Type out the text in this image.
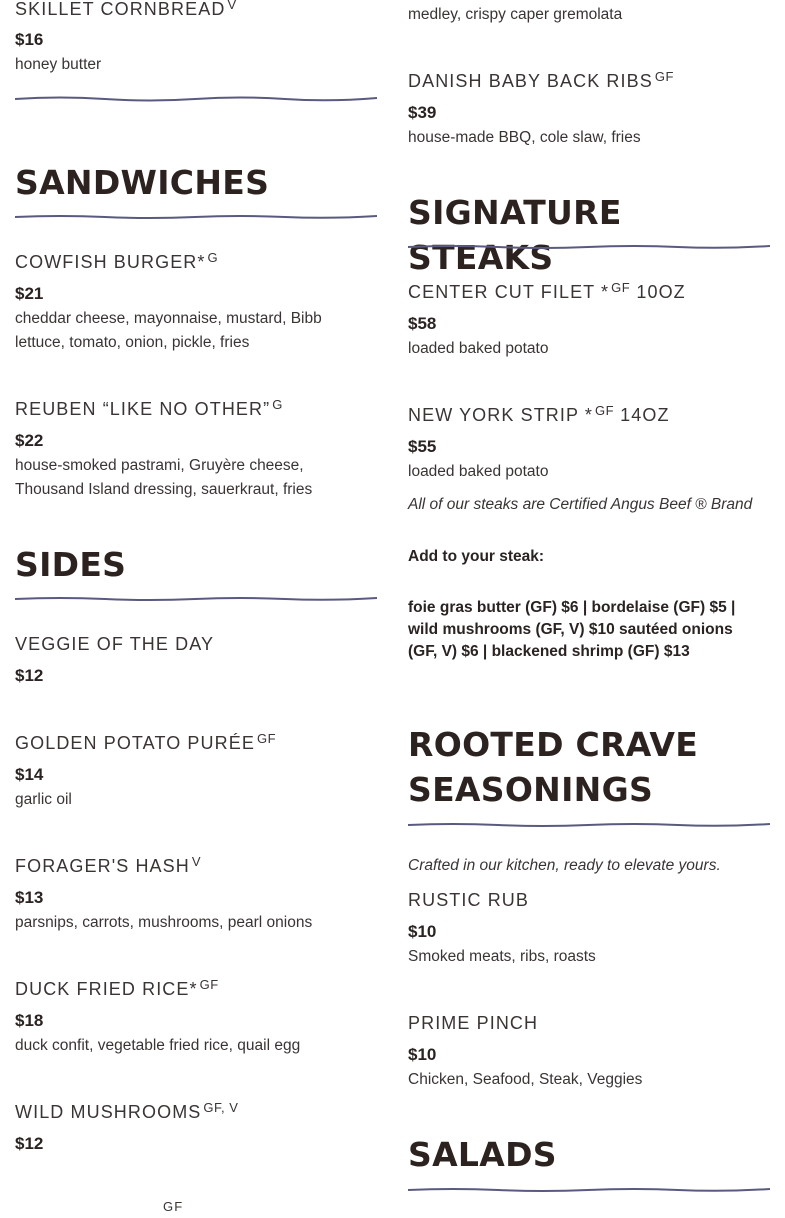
SKILLET CORNBREAD $^V$
$16
honey butter
SANDWICHES
COWFISH BURGER* $^G$
$21
cheddar cheese, mayonnaise, mustard, Bibb lettuce, tomato, onion, pickle, fries
REUBEN “LIKE NO OTHER” $^G$
$22
house-smoked pastrami, Gruyère cheese, Thousand Island dressing, sauerkraut, fries
SIDES
VEGGIE OF THE DAY
$12
GOLDEN POTATO PURÉE $^{GF}$
$14
garlic oil
FORAGER'S HASH $^V$
$13
parsnips, carrots, mushrooms, pearl onions
DUCK FRIED RICE* $^{GF}$
$18
duck confit, vegetable fried rice, quail egg
WILD MUSHROOMS $^{GF, V}$
$12
GF
medley, crispy caper gremolata
DANISH BABY BACK RIBS $^{GF}$
$39
house-made BBQ, cole slaw, fries
SIGNATURE STEAKS
CENTER CUT FILET * $^{GF}$ 10OZ
$58
loaded baked potato
NEW YORK STRIP * $^{GF}$ 14OZ
$55
loaded baked potato
All of our steaks are Certified Angus Beef ® Brand
Add to your steak:
foie gras butter (GF) $6 | bordelaise (GF) $5 | wild mushrooms (GF, V) $10 sautéed onions (GF, V) $6 | blackened shrimp (GF) $13
ROOTED CRAVE SEASONINGS
Crafted in our kitchen, ready to elevate yours.
RUSTIC RUB
$10
Smoked meats, ribs, roasts
PRIME PINCH
$10
Chicken, Seafood, Steak, Veggies
SALADS
